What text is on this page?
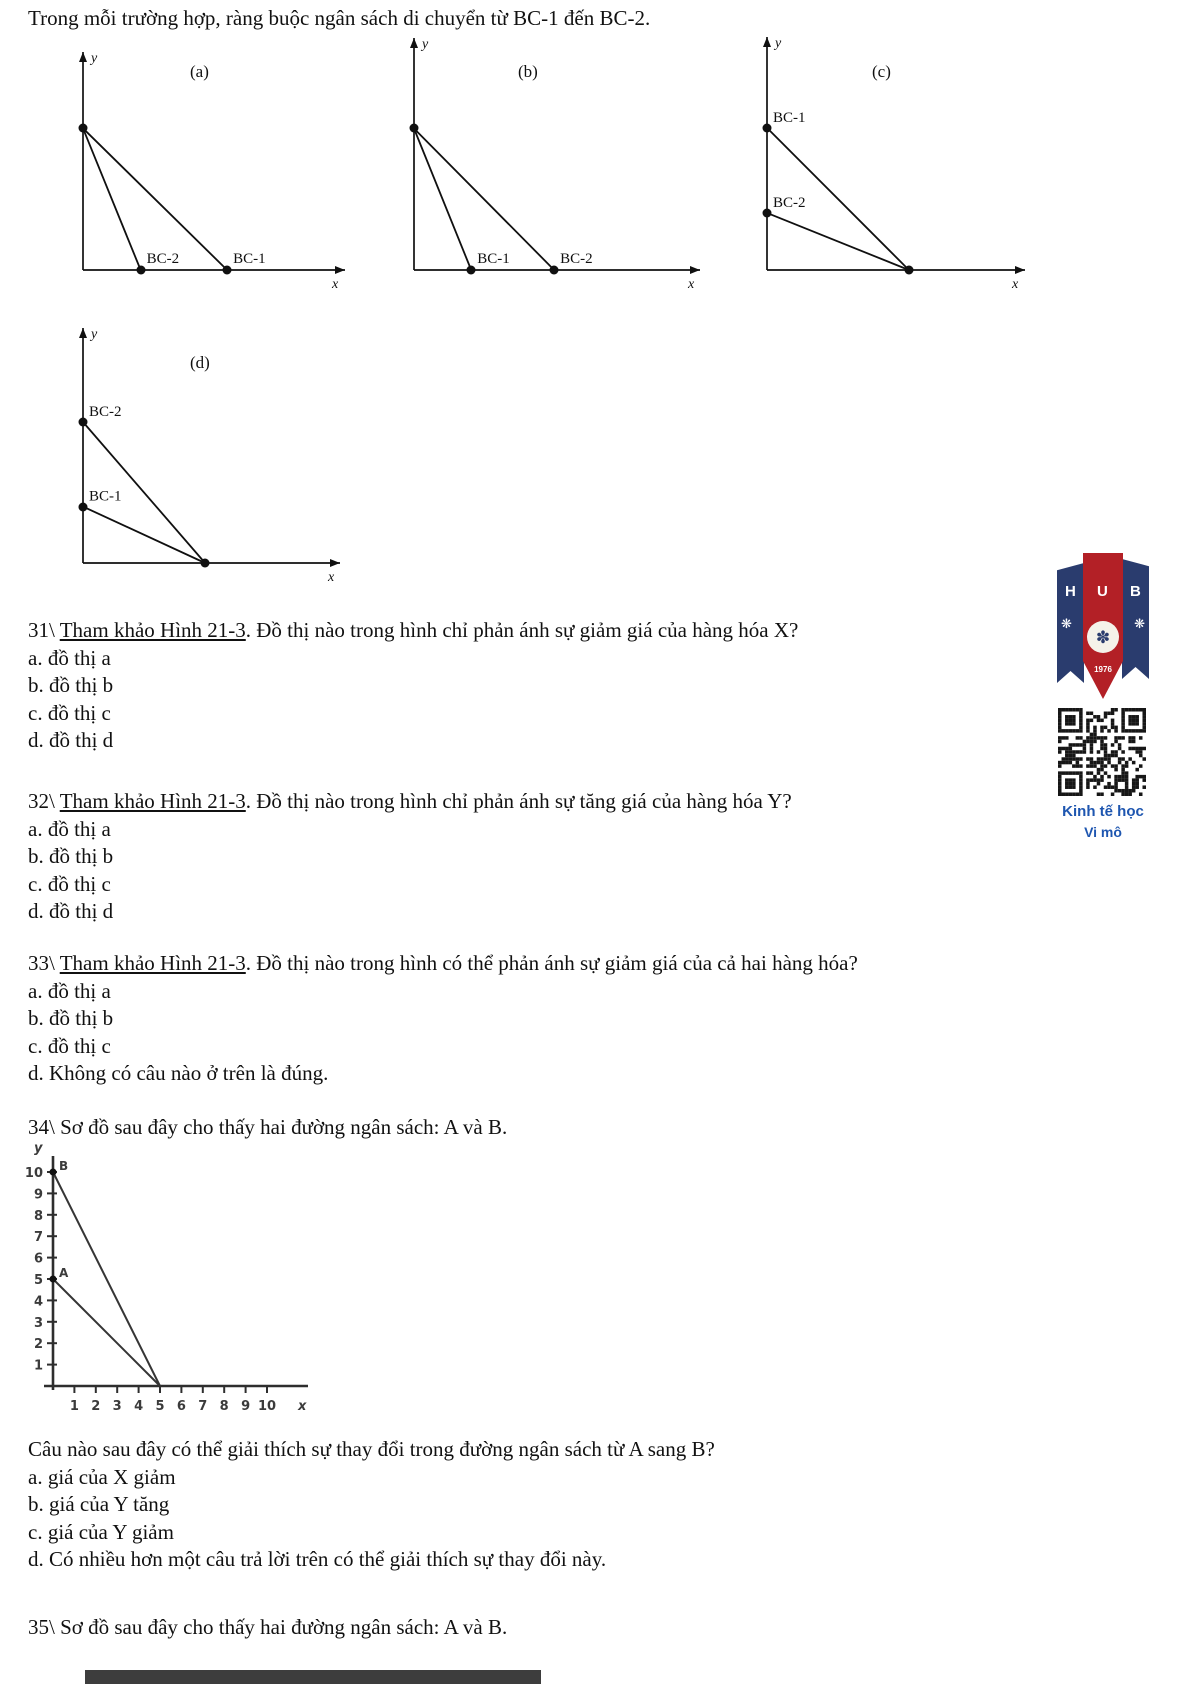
Trong mỗi trường hợp, ràng buộc ngân sách di chuyển từ BC-1 đến BC-2.
BC-1
BC-2
(a)
x
y
BC-1	BC-2
(b)
x
y
BC-1
BC-2
(c)
x
y
BC-2
BC-1
(d)
x
y
31\ Tham khảo Hình 21-3. Đồ thị nào trong hình chỉ phản ánh sự giảm giá của hàng hóa X?
a. đồ thị a
b. đồ thị b
c. đồ thị c
d. đồ thị d
32\ Tham khảo Hình 21-3. Đồ thị nào trong hình chỉ phản ánh sự tăng giá của hàng hóa Y?
a. đồ thị a
b. đồ thị b
c. đồ thị c
d. đồ thị d
33\ Tham khảo Hình 21-3. Đồ thị nào trong hình có thể phản ánh sự giảm giá của cả hai hàng hóa?
a. đồ thị a
b. đồ thị b
c. đồ thị c
d. Không có câu nào ở trên là đúng.
34\ Sơ đồ sau đây cho thấy hai đường ngân sách: A và B.
1
2
3
4
5
6
7
8
9
10
1 2 3 4 5 6 7 8 9 10
y
x
B
A
Câu nào sau đây có thể giải thích sự thay đổi trong đường ngân sách từ A sang B?
a. giá của X giảm
b. giá của Y tăng
c. giá của Y giảm
d. Có nhiều hơn một câu trả lời trên có thể giải thích sự thay đổi này.
35\ Sơ đồ sau đây cho thấy hai đường ngân sách: A và B.
H U B
❋	❋
✽
1976
Kinh tế học
Vi mô
